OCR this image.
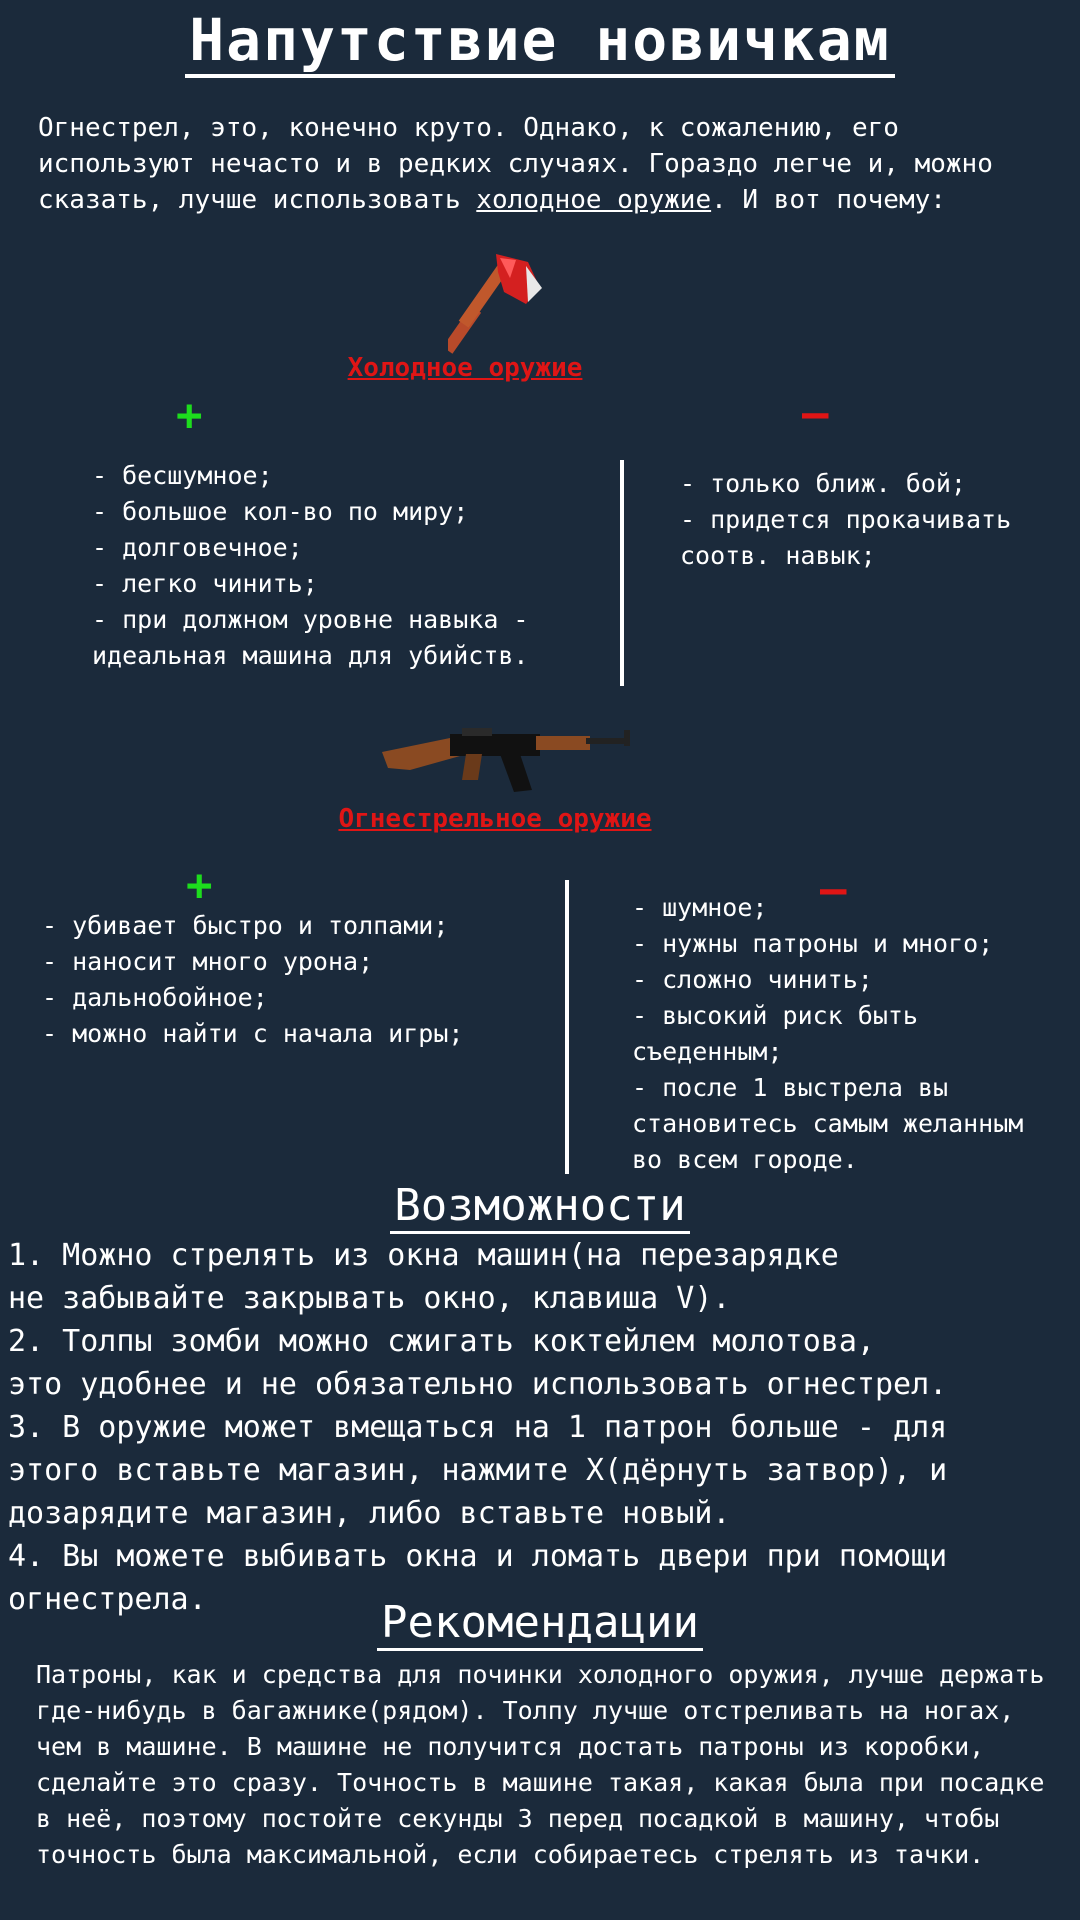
Напутствие новичкам
Огнестрел, это, конечно круто. Однако, к сожалению, его используют нечасто и в редких случаях. Гораздо легче и, можно сказать, лучше использовать холодное оружие. И вот почему:
Холодное оружие
+	—
- бесшумное;
- большое кол-во по миру;
- долговечное;
- легко чинить;
- при должном уровне навыка -
идеальная машина для убийств.
- только ближ. бой;
- придется прокачивать
соотв. навык;
Огнестрельное оружие
+	—
- убивает быстро и толпами;
- наносит много урона;
- дальнобойное;
- можно найти с начала игры;
- шумное;
- нужны патроны и много;
- сложно чинить;
- высокий риск быть
съеденным;
- после 1 выстрела вы
становитесь самым желанным
во всем городе.
Возможности
1. Можно стрелять из окна машин(на перезарядке
не забывайте закрывать окно, клавиша V).
2. Толпы зомби можно сжигать коктейлем молотова,
это удобнее и не обязательно использовать огнестрел.
3. В оружие может вмещаться на 1 патрон больше - для
этого вставьте магазин, нажмите X(дёрнуть затвор), и
дозарядите магазин, либо вставьте новый.
4. Вы можете выбивать окна и ломать двери при помощи
огнестрела.	Рекомендации
Патроны, как и средства для починки холодного оружия, лучше держать где-нибудь в багажнике(рядом). Толпу лучше отстреливать на ногах, чем в машине. В машине не получится достать патроны из коробки, сделайте это сразу. Точность в машине такая, какая была при посадке в неё, поэтому постойте секунды 3 перед посадкой в машину, чтобы точность была максимальной, если собираетесь стрелять из тачки.
